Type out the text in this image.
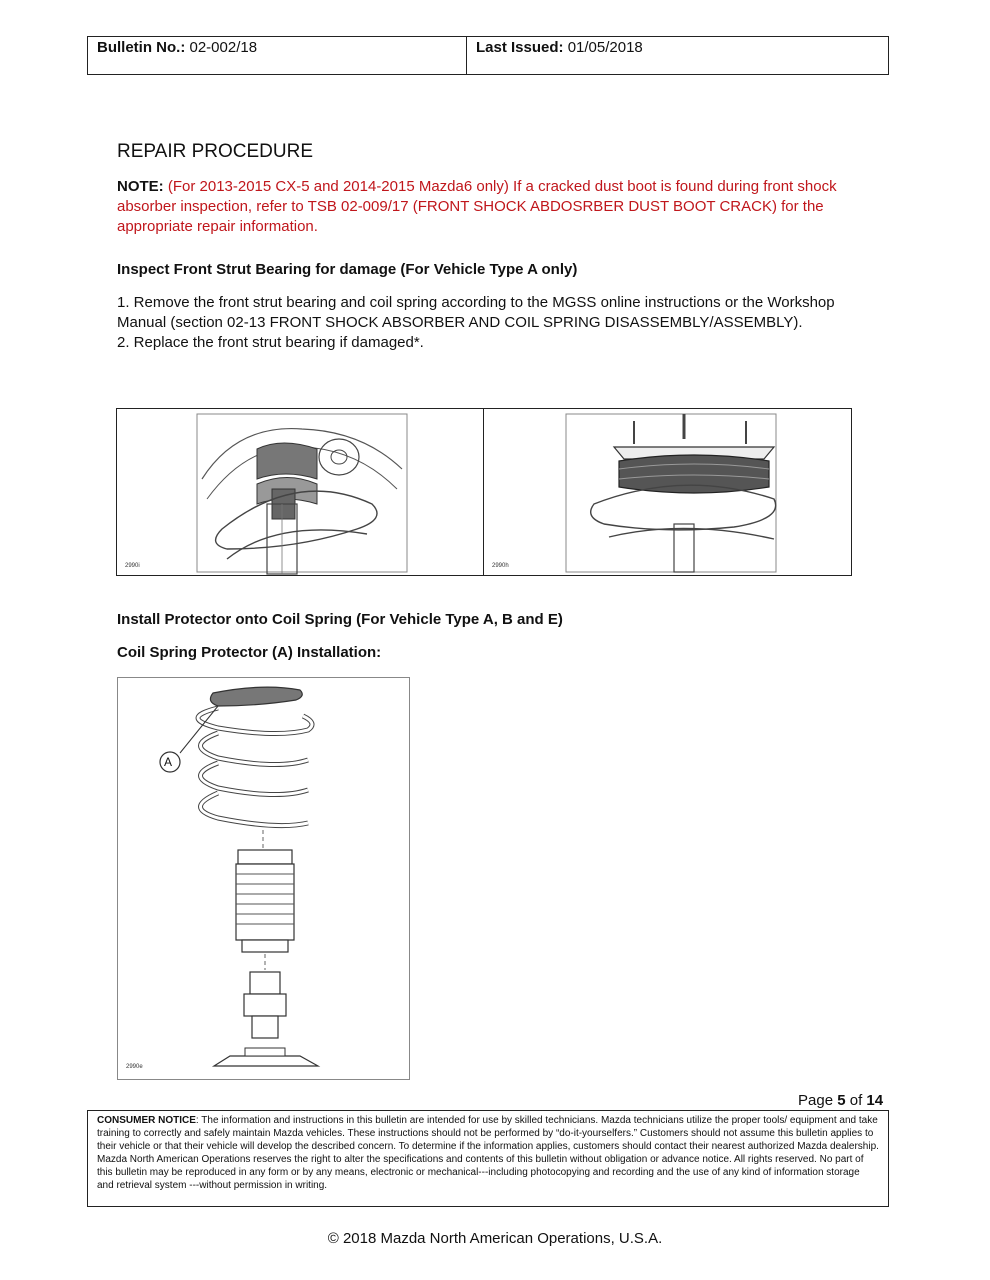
Bulletin No.: 02-002/18	Last Issued: 01/05/2018
REPAIR PROCEDURE
NOTE: (For 2013-2015 CX-5 and 2014-2015 Mazda6 only) If a cracked dust boot is found during front shock absorber inspection, refer to TSB 02-009/17 (FRONT SHOCK ABDOSRBER DUST BOOT CRACK) for the appropriate repair information.
Inspect Front Strut Bearing for damage (For Vehicle Type A only)
1. Remove the front strut bearing and coil spring according to the MGSS online instructions or the Workshop Manual (section 02-13 FRONT SHOCK ABSORBER AND COIL SPRING DISASSEMBLY/ASSEMBLY).
2. Replace the front strut bearing if damaged*.
2990i	2990h
Install Protector onto Coil Spring (For Vehicle Type A, B and E)
Coil Spring Protector (A) Installation:
A
2990e
Page 5 of 14
CONSUMER NOTICE: The information and instructions in this bulletin are intended for use by skilled technicians. Mazda technicians utilize the proper tools/ equipment and take training to correctly and safely maintain Mazda vehicles. These instructions should not be performed by “do-it-yourselfers.” Customers should not assume this bulletin applies to their vehicle or that their vehicle will develop the described concern. To determine if the information applies, customers should contact their nearest authorized Mazda dealership. Mazda North American Operations reserves the right to alter the specifications and contents of this bulletin without obligation or advance notice. All rights reserved. No part of this bulletin may be reproduced in any form or by any means, electronic or mechanical---including photocopying and recording and the use of any kind of information storage and retrieval system ---without permission in writing.
© 2018 Mazda North American Operations, U.S.A.
